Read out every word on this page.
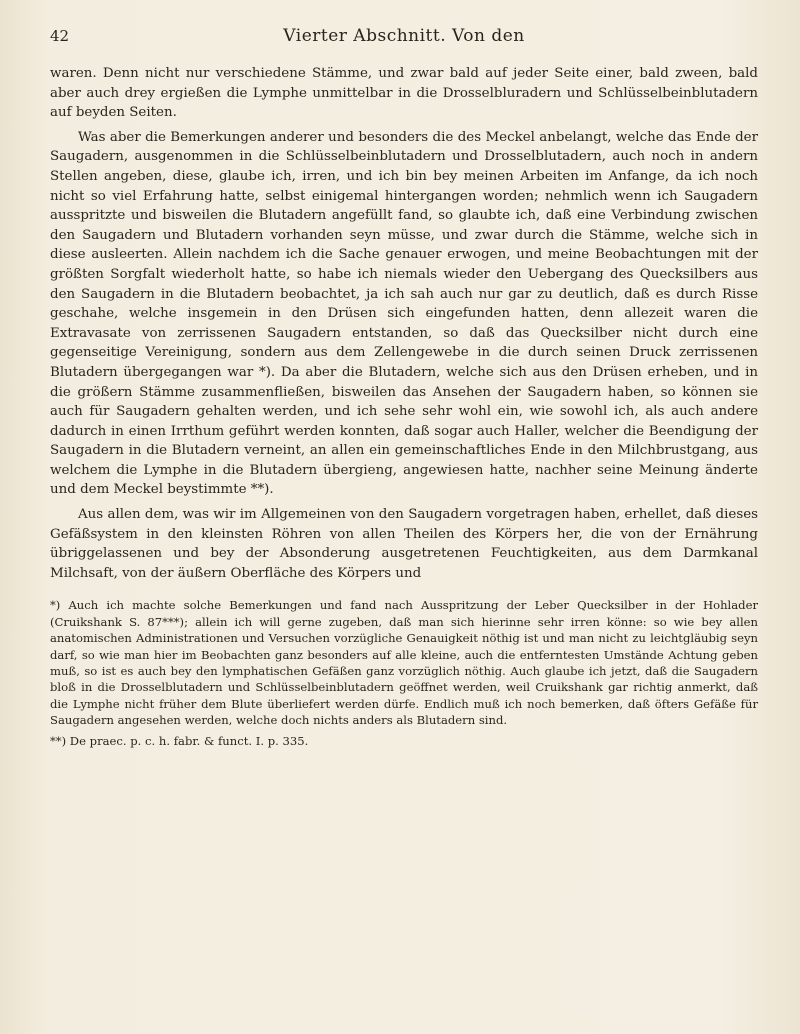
42	Vierter Abschnitt. Von den

waren. Denn nicht nur verschiedene Stämme, und zwar bald auf jeder Seite einer, bald zween, bald aber auch drey ergießen die Lymphe unmittelbar in die Drosselbluradern und Schlüsselbeinblutadern auf beyden Seiten.

Was aber die Bemerkungen anderer und besonders die des Meckel anbelangt, welche das Ende der Saugadern, ausgenommen in die Schlüsselbeinblutadern und Drosselblutadern, auch noch in andern Stellen angeben, diese, glaube ich, irren, und ich bin bey meinen Arbeiten im Anfange, da ich noch nicht so viel Erfahrung hatte, selbst einigemal hintergangen worden; nehmlich wenn ich Saugadern ausspritzte und bisweilen die Blutadern angefüllt fand, so glaubte ich, daß eine Verbindung zwischen den Saugadern und Blutadern vorhanden seyn müsse, und zwar durch die Stämme, welche sich in diese ausleerten. Allein nachdem ich die Sache genauer erwogen, und meine Beobachtungen mit der größten Sorgfalt wiederholt hatte, so habe ich niemals wieder den Uebergang des Quecksilbers aus den Saugadern in die Blutadern beobachtet, ja ich sah auch nur gar zu deutlich, daß es durch Risse geschahe, welche insgemein in den Drüsen sich eingefunden hatten, denn allezeit waren die Extravasate von zerrissenen Saugadern entstanden, so daß das Quecksilber nicht durch eine gegenseitige Vereinigung, sondern aus dem Zellengewebe in die durch seinen Druck zerrissenen Blutadern übergegangen war *). Da aber die Blutadern, welche sich aus den Drüsen erheben, und in die größern Stämme zusammenfließen, bisweilen das Ansehen der Saugadern haben, so können sie auch für Saugadern gehalten werden, und ich sehe sehr wohl ein, wie sowohl ich, als auch andere dadurch in einen Irrthum geführt werden konnten, daß sogar auch Haller, welcher die Beendigung der Saugadern in die Blutadern verneint, an allen ein gemeinschaftliches Ende in den Milchbrustgang, aus welchem die Lymphe in die Blutadern übergieng, angewiesen hatte, nachher seine Meinung änderte und dem Meckel beystimmte **).

Aus allen dem, was wir im Allgemeinen von den Saugadern vorgetragen haben, erhellet, daß dieses Gefäßsystem in den kleinsten Röhren von allen Theilen des Körpers her, die von der Ernährung übriggelassenen und bey der Absonderung ausgetretenen Feuchtigkeiten, aus dem Darmkanal Milchsaft, von der äußern Oberfläche des Körpers und

*) Auch ich machte solche Bemerkungen und fand nach Ausspritzung der Leber Quecksilber in der Hohlader (Cruikshank S. 87***); allein ich will gerne zugeben, daß man sich hierinne sehr irren könne: so wie bey allen anatomischen Administrationen und Versuchen vorzügliche Genauigkeit nöthig ist und man nicht zu leichtgläubig seyn darf, so wie man hier im Beobachten ganz besonders auf alle kleine, auch die entferntesten Umstände Achtung geben muß, so ist es auch bey den lymphatischen Gefäßen ganz vorzüglich nöthig. Auch glaube ich jetzt, daß die Saugadern bloß in die Drosselblutadern und Schlüsselbeinblutadern geöffnet werden, weil Cruikshank gar richtig anmerkt, daß die Lymphe nicht früher dem Blute überliefert werden dürfe. Endlich muß ich noch bemerken, daß öfters Gefäße für Saugadern angesehen werden, welche doch nichts anders als Blutadern sind.

**) De praec. p. c. h. fabr. & funct. I. p. 335.
